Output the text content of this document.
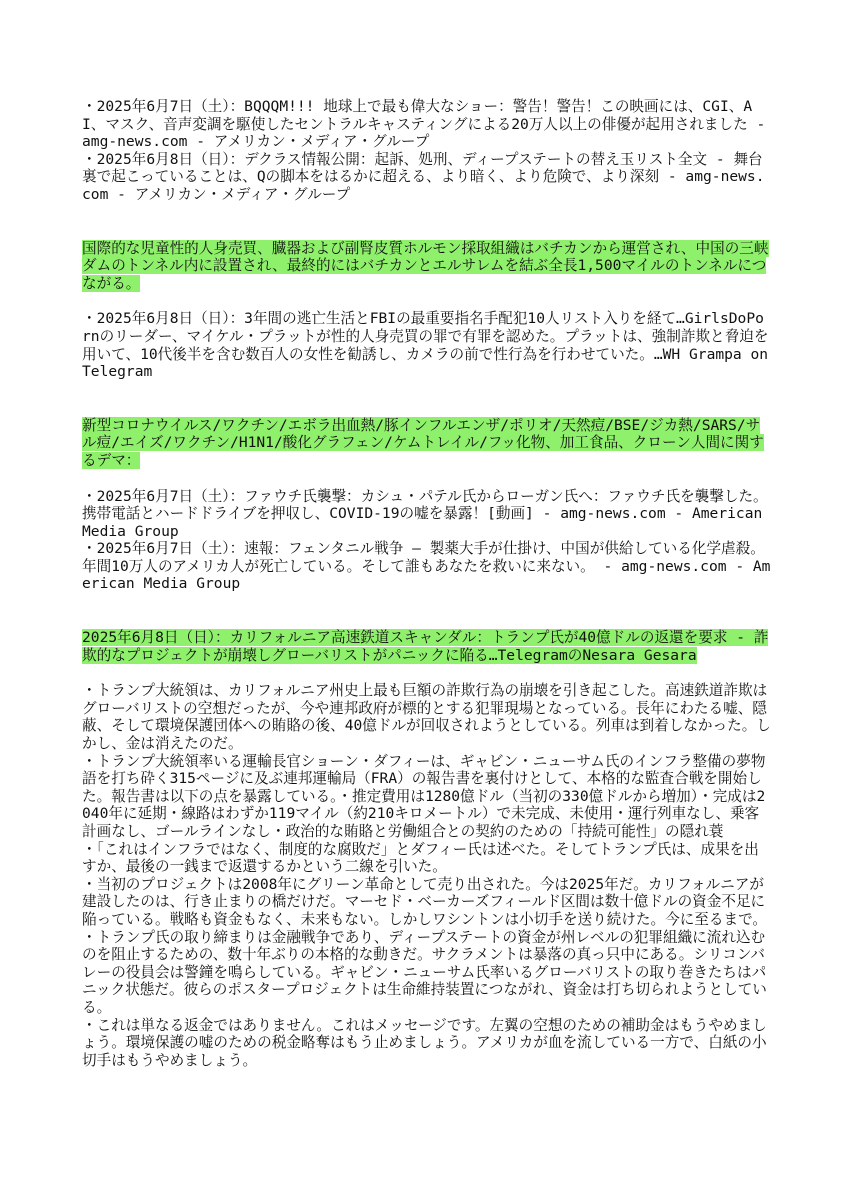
・2025年6月7日（土）：BQQQM!!! 地球上で最も偉大なショー：警告！警告！この映画には、CGI、AI、マスク、音声変調を駆使したセントラルキャスティングによる20万人以上の俳優が起用されました - amg-news.com - アメリカン・メディア・グループ

・2025年6月8日（日）：デクラス情報公開：起訴、処刑、ディープステートの替え玉リスト全文 - 舞台裏で起こっていることは、Qの脚本をはるかに超える、より暗く、より危険で、より深刻 - amg-news.com - アメリカン・メディア・グループ

国際的な児童性的人身売買、臓器および副腎皮質ホルモン採取組織はバチカンから運営され、中国の三峡ダムのトンネル内に設置され、最終的にはバチカンとエルサレムを結ぶ全長1,500マイルのトンネルにつながる。

・2025年6月8日（日）：3年間の逃亡生活とFBIの最重要指名手配犯10人リスト入りを経て…GirlsDoPornのリーダー、マイケル・プラットが性的人身売買の罪で有罪を認めた。プラットは、強制詐欺と脅迫を用いて、10代後半を含む数百人の女性を勧誘し、カメラの前で性行為を行わせていた。…WH Grampa on Telegram

新型コロナウイルス/ワクチン/エボラ出血熱/豚インフルエンザ/ポリオ/天然痘/BSE/ジカ熱/SARS/サル痘/エイズ/ワクチン/H1N1/酸化グラフェン/ケムトレイル/フッ化物、加工食品、クローン人間に関するデマ：

・2025年6月7日（土）：ファウチ氏襲撃：カシュ・パテル氏からローガン氏へ：ファウチ氏を襲撃した。携帯電話とハードドライブを押収し、COVID-19の嘘を暴露！[動画] - amg-news.com - American Media Group

・2025年6月7日（土）：速報：フェンタニル戦争 — 製薬大手が仕掛け、中国が供給している化学虐殺。年間10万人のアメリカ人が死亡している。そして誰もあなたを救いに来ない。 - amg-news.com - American Media Group

2025年6月8日（日）：カリフォルニア高速鉄道スキャンダル：トランプ氏が40億ドルの返還を要求 - 詐欺的なプロジェクトが崩壊しグローバリストがパニックに陥る…TelegramのNesara Gesara

・トランプ大統領は、カリフォルニア州史上最も巨額の詐欺行為の崩壊を引き起こした。高速鉄道詐欺はグローバリストの空想だったが、今や連邦政府が標的とする犯罪現場となっている。長年にわたる嘘、隠蔽、そして環境保護団体への賄賂の後、40億ドルが回収されようとしている。列車は到着しなかった。しかし、金は消えたのだ。

・トランプ大統領率いる運輸長官ショーン・ダフィーは、ギャビン・ニューサム氏のインフラ整備の夢物語を打ち砕く315ページに及ぶ連邦運輸局（FRA）の報告書を裏付けとして、本格的な監査合戦を開始した。報告書は以下の点を暴露している。・推定費用は1280億ドル（当初の330億ドルから増加）・完成は2040年に延期・線路はわずか119マイル（約210キロメートル）で未完成、未使用・運行列車なし、乗客計画なし、ゴールラインなし・政治的な賄賂と労働組合との契約のための「持続可能性」の隠れ蓑

・「これはインフラではなく、制度的な腐敗だ」とダフィー氏は述べた。そしてトランプ氏は、成果を出すか、最後の一銭まで返還するかという二線を引いた。

・当初のプロジェクトは2008年にグリーン革命として売り出された。今は2025年だ。カリフォルニアが建設したのは、行き止まりの橋だけだ。マーセド・ベーカーズフィールド区間は数十億ドルの資金不足に陥っている。戦略も資金もなく、未来もない。しかしワシントンは小切手を送り続けた。今に至るまで。

・トランプ氏の取り締まりは金融戦争であり、ディープステートの資金が州レベルの犯罪組織に流れ込むのを阻止するための、数十年ぶりの本格的な動きだ。サクラメントは暴落の真っ只中にある。シリコンバレーの役員会は警鐘を鳴らしている。ギャビン・ニューサム氏率いるグローバリストの取り巻きたちはパニック状態だ。彼らのポスタープロジェクトは生命維持装置につながれ、資金は打ち切られようとしている。

・これは単なる返金ではありません。これはメッセージです。左翼の空想のための補助金はもうやめましょう。環境保護の嘘のための税金略奪はもう止めましょう。アメリカが血を流している一方で、白紙の小切手はもうやめましょう。
